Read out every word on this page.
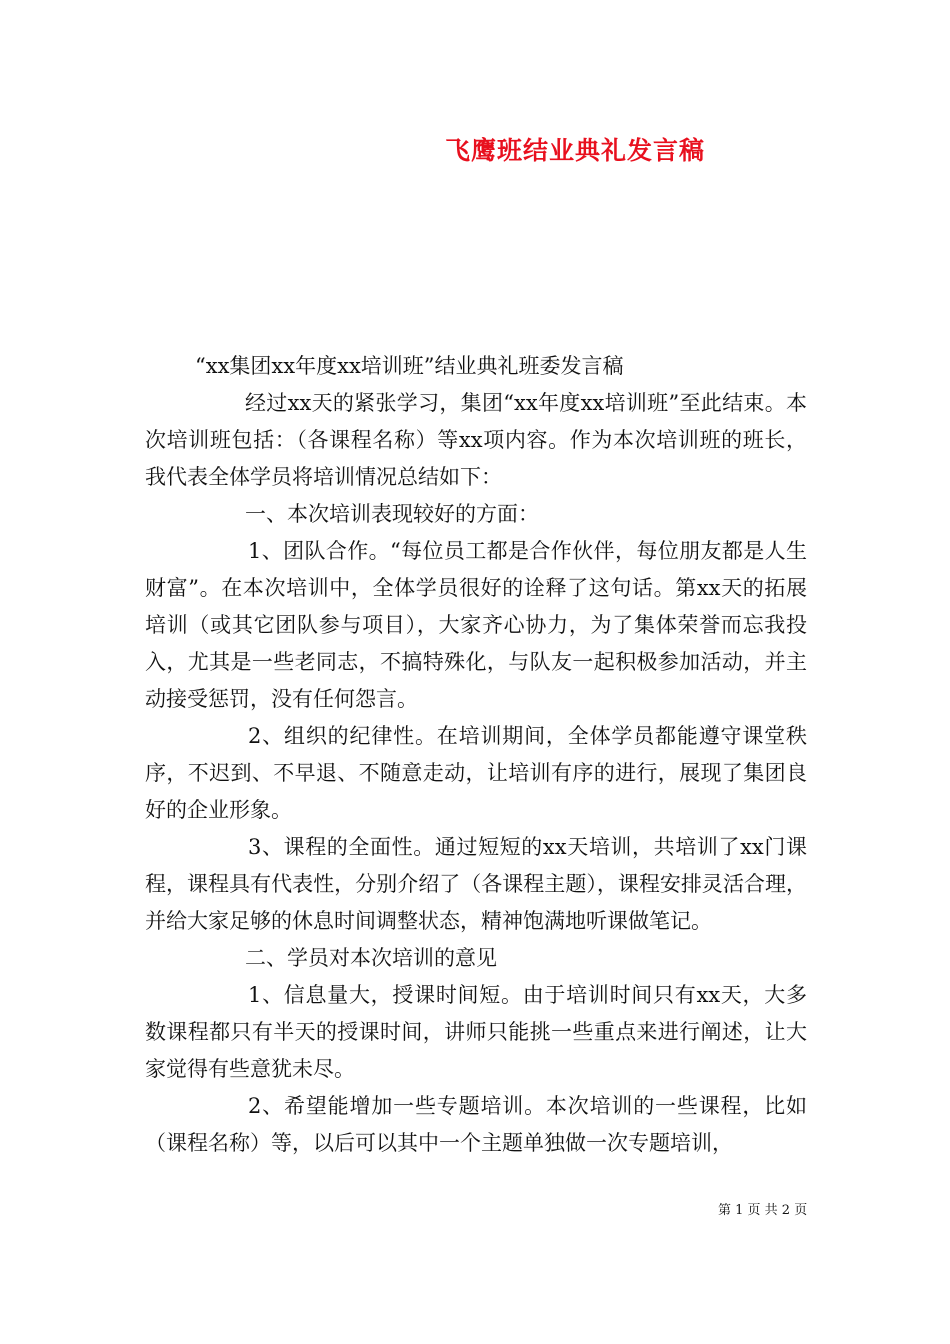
飞鹰班结业典礼发言稿

“xx集团xx年度xx培训班”结业典礼班委发言稿

经过xx天的紧张学习，集团“xx年度xx培训班”至此结束。本次培训班包括：（各课程名称）等xx项内容。作为本次培训班的班长，我代表全体学员将培训情况总结如下：

一、本次培训表现较好的方面：

1、团队合作。“每位员工都是合作伙伴，每位朋友都是人生财富”。在本次培训中，全体学员很好的诠释了这句话。第xx天的拓展培训（或其它团队参与项目），大家齐心协力，为了集体荣誉而忘我投入，尤其是一些老同志，不搞特殊化，与队友一起积极参加活动，并主动接受惩罚，没有任何怨言。

2、组织的纪律性。在培训期间，全体学员都能遵守课堂秩序，不迟到、不早退、不随意走动，让培训有序的进行，展现了集团良好的企业形象。

3、课程的全面性。通过短短的xx天培训，共培训了xx门课程，课程具有代表性，分别介绍了（各课程主题），课程安排灵活合理，并给大家足够的休息时间调整状态，精神饱满地听课做笔记。

二、学员对本次培训的意见

1、信息量大，授课时间短。由于培训时间只有xx天，大多数课程都只有半天的授课时间，讲师只能挑一些重点来进行阐述，让大家觉得有些意犹未尽。

2、希望能增加一些专题培训。本次培训的一些课程，比如（课程名称）等，以后可以其中一个主题单独做一次专题培训，

第 1 页 共 2 页
